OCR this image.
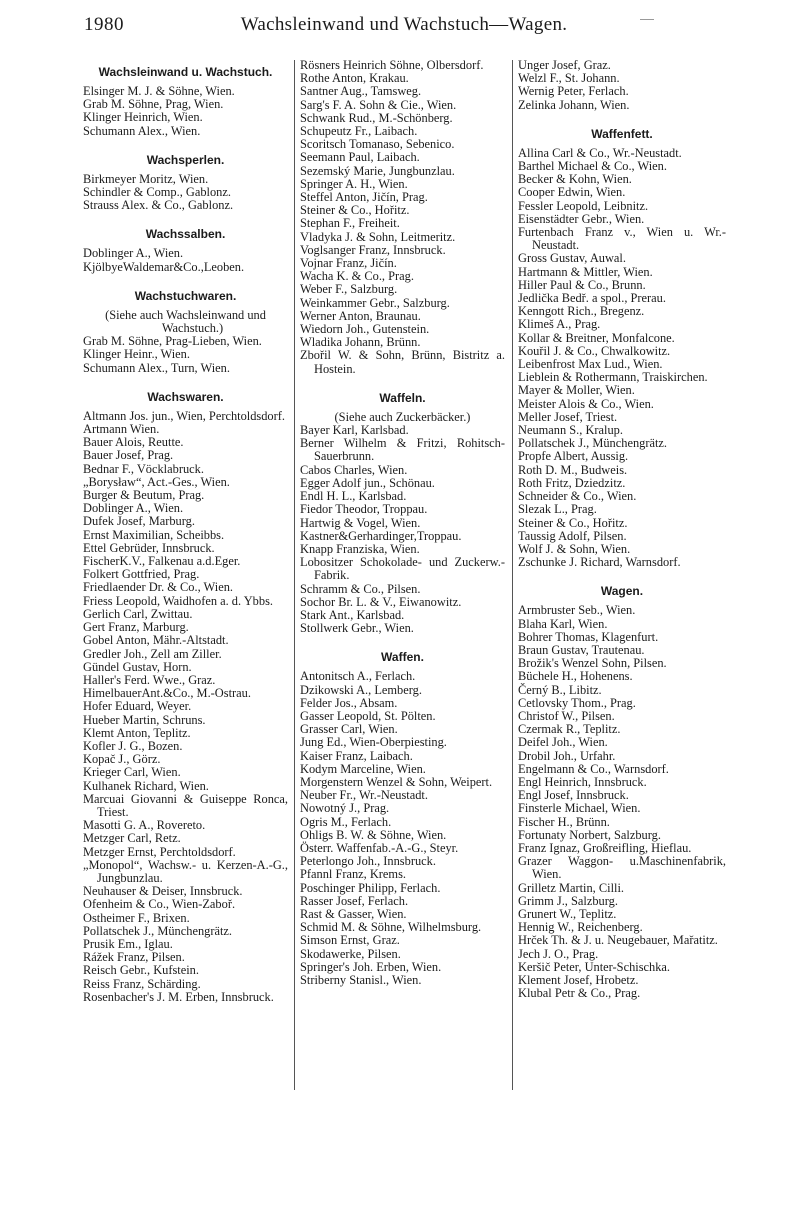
1980	Wachsleinwand und Wachstuch—Wagen.
Wachsleinwand u. Wachstuch.
Elsinger M. J. & Söhne, Wien.
Grab M. Söhne, Prag, Wien.
Klinger Heinrich, Wien.
Schumann Alex., Wien.
Wachsperlen.
Birkmeyer Moritz, Wien.
Schindler & Comp., Gablonz.
Strauss Alex. & Co., Gablonz.
Wachssalben.
Doblinger A., Wien.
KjölbyeWaldemar&Co.,Leoben.
Wachstuchwaren.
(Siehe auch Wachsleinwand und Wachstuch.)
Grab M. Söhne, Prag-Lieben, Wien.
Klinger Heinr., Wien.
Schumann Alex., Turn, Wien.
Wachswaren.
Altmann Jos. jun., Wien, Perchtoldsdorf.
Artmann Wien.
Bauer Alois, Reutte.
Bauer Josef, Prag.
Bednar F., Vöcklabruck.
„Borysław“, Act.-Ges., Wien.
Burger & Beutum, Prag.
Doblinger A., Wien.
Dufek Josef, Marburg.
Ernst Maximilian, Scheibbs.
Ettel Gebrüder, Innsbruck.
FischerK.V., Falkenau a.d.Eger.
Folkert Gottfried, Prag.
Friedlaender Dr. & Co., Wien.
Friess Leopold, Waidhofen a. d. Ybbs.
Gerlich Carl, Zwittau.
Gert Franz, Marburg.
Gobel Anton, Mähr.-Altstadt.
Gredler Joh., Zell am Ziller.
Gündel Gustav, Horn.
Haller's Ferd. Wwe., Graz.
HimelbauerAnt.&Co., M.-Ostrau.
Hofer Eduard, Weyer.
Hueber Martin, Schruns.
Klemt Anton, Teplitz.
Kofler J. G., Bozen.
Kopač J., Görz.
Krieger Carl, Wien.
Kulhanek Richard, Wien.
Marcuai Giovanni & Guiseppe Ronca, Triest.
Masotti G. A., Rovereto.
Metzger Carl, Retz.
Metzger Ernst, Perchtoldsdorf.
„Monopol“, Wachsw.- u. Kerzen-A.-G., Jungbunzlau.
Neuhauser & Deiser, Innsbruck.
Ofenheim & Co., Wien-Zaboř.
Ostheimer F., Brixen.
Pollatschek J., Münchengrätz.
Prusik Em., Iglau.
Rážek Franz, Pilsen.
Reisch Gebr., Kufstein.
Reiss Franz, Schärding.
Rosenbacher's J. M. Erben, Innsbruck.
Rösners Heinrich Söhne, Olbersdorf.
Rothe Anton, Krakau.
Santner Aug., Tamsweg.
Sarg's F. A. Sohn & Cie., Wien.
Schwank Rud., M.-Schönberg.
Schupeutz Fr., Laibach.
Scoritsch Tomanaso, Sebenico.
Seemann Paul, Laibach.
Sezemský Marie, Jungbunzlau.
Springer A. H., Wien.
Steffel Anton, Jičín, Prag.
Steiner & Co., Hořitz.
Stephan F., Freiheit.
Vladyka J. & Sohn, Leitmeritz.
Voglsanger Franz, Innsbruck.
Vojnar Franz, Jičín.
Wacha K. & Co., Prag.
Weber F., Salzburg.
Weinkammer Gebr., Salzburg.
Werner Anton, Braunau.
Wiedorn Joh., Gutenstein.
Wladika Johann, Brünn.
Zbořil W. & Sohn, Brünn, Bistritz a. Hostein.
Waffeln.
(Siehe auch Zuckerbäcker.)
Bayer Karl, Karlsbad.
Berner Wilhelm & Fritzi, Rohitsch-Sauerbrunn.
Cabos Charles, Wien.
Egger Adolf jun., Schönau.
Endl H. L., Karlsbad.
Fiedor Theodor, Troppau.
Hartwig & Vogel, Wien.
Kastner&Gerhardinger,Troppau.
Knapp Franziska, Wien.
Lobositzer Schokolade- und Zuckerw.-Fabrik.
Schramm & Co., Pilsen.
Sochor Br. L. & V., Eiwanowitz.
Stark Ant., Karlsbad.
Stollwerk Gebr., Wien.
Waffen.
Antonitsch A., Ferlach.
Dzikowski A., Lemberg.
Felder Jos., Absam.
Gasser Leopold, St. Pölten.
Grasser Carl, Wien.
Jung Ed., Wien-Oberpiesting.
Kaiser Franz, Laibach.
Kodym Marceline, Wien.
Morgenstern Wenzel & Sohn, Weipert.
Neuber Fr., Wr.-Neustadt.
Nowotný J., Prag.
Ogris M., Ferlach.
Ohligs B. W. & Söhne, Wien.
Österr. Waffenfab.-A.-G., Steyr.
Peterlongo Joh., Innsbruck.
Pfannl Franz, Krems.
Poschinger Philipp, Ferlach.
Rasser Josef, Ferlach.
Rast & Gasser, Wien.
Schmid M. & Söhne, Wilhelmsburg.
Simson Ernst, Graz.
Skodawerke, Pilsen.
Springer's Joh. Erben, Wien.
Striberny Stanisl., Wien.
Unger Josef, Graz.
Welzl F., St. Johann.
Wernig Peter, Ferlach.
Zelinka Johann, Wien.
Waffenfett.
Allina Carl & Co., Wr.-Neustadt.
Barthel Michael & Co., Wien.
Becker & Kohn, Wien.
Cooper Edwin, Wien.
Fessler Leopold, Leibnitz.
Eisenstädter Gebr., Wien.
Furtenbach Franz v., Wien u. Wr.-Neustadt.
Gross Gustav, Auwal.
Hartmann & Mittler, Wien.
Hiller Paul & Co., Brunn.
Jedlička Bedř. a spol., Prerau.
Kenngott Rich., Bregenz.
Klimeš A., Prag.
Kollar & Breitner, Monfalcone.
Kouřil J. & Co., Chwalkowitz.
Leibenfrost Max Lud., Wien.
Lieblein & Rothermann, Traiskirchen.
Mayer & Moller, Wien.
Meister Alois & Co., Wien.
Meller Josef, Triest.
Neumann S., Kralup.
Pollatschek J., Münchengrätz.
Propfe Albert, Aussig.
Roth D. M., Budweis.
Roth Fritz, Dziedzitz.
Schneider & Co., Wien.
Slezak L., Prag.
Steiner & Co., Hořitz.
Taussig Adolf, Pilsen.
Wolf J. & Sohn, Wien.
Zschunke J. Richard, Warnsdorf.
Wagen.
Armbruster Seb., Wien.
Blaha Karl, Wien.
Bohrer Thomas, Klagenfurt.
Braun Gustav, Trautenau.
Brožik's Wenzel Sohn, Pilsen.
Büchele H., Hohenens.
Černý B., Libitz.
Cetlovsky Thom., Prag.
Christof W., Pilsen.
Czermak R., Teplitz.
Deifel Joh., Wien.
Drobil Joh., Urfahr.
Engelmann & Co., Warnsdorf.
Engl Heinrich, Innsbruck.
Engl Josef, Innsbruck.
Finsterle Michael, Wien.
Fischer H., Brünn.
Fortunaty Norbert, Salzburg.
Franz Ignaz, Großreifling, Hieflau.
Grazer Waggon- u.Maschinenfabrik, Wien.
Grilletz Martin, Cilli.
Grimm J., Salzburg.
Grunert W., Teplitz.
Hennig W., Reichenberg.
Hrček Th. & J. u. Neugebauer, Mařatitz.
Jech J. O., Prag.
Keršič Peter, Unter-Schischka.
Klement Josef, Hrobetz.
Klubal Petr & Co., Prag.
